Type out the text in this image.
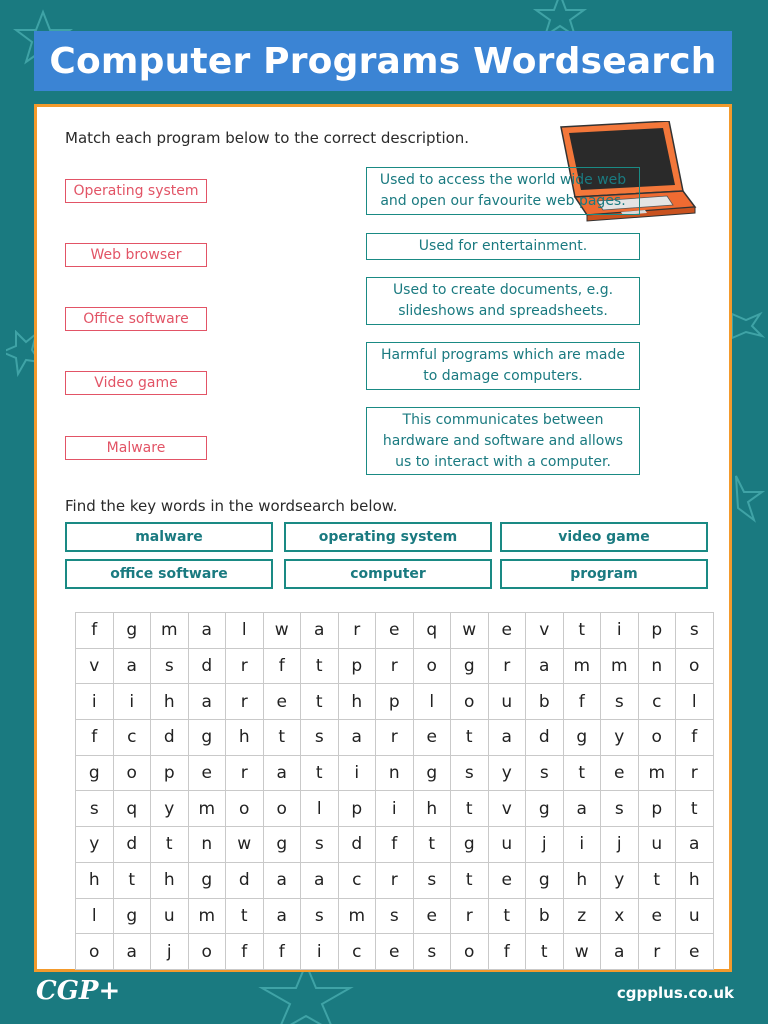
Computer Programs Wordsearch
Match each program below to the correct description.
Operating system
Web browser
Office software
Video game
Malware
Used to access the world wide web and open our favourite web pages.
Used for entertainment.
Used to create documents, e.g. slideshows and spreadsheets.
Harmful programs which are made to damage computers.
This communicates between hardware and software and allows us to interact with a computer.
Find the key words in the wordsearch below.
malware	operating system	video game
office software	computer	program
f	g	m	a	l	w	a	r	e	q	w	e	v	t	i	p	s
v	a	s	d	r	f	t	p	r	o	g	r	a	m	m	n	o
i	i	h	a	r	e	t	h	p	l	o	u	b	f	s	c	l
f	c	d	g	h	t	s	a	r	e	t	a	d	g	y	o	f
g	o	p	e	r	a	t	i	n	g	s	y	s	t	e	m	r
s	q	y	m	o	o	l	p	i	h	t	v	g	a	s	p	t
y	d	t	n	w	g	s	d	f	t	g	u	j	i	j	u	a
h	t	h	g	d	a	a	c	r	s	t	e	g	h	y	t	h
l	g	u	m	t	a	s	m	s	e	r	t	b	z	x	e	u
o	a	j	o	f	f	i	c	e	s	o	f	t	w	a	r	e
CGP+	cgpplus.co.uk
